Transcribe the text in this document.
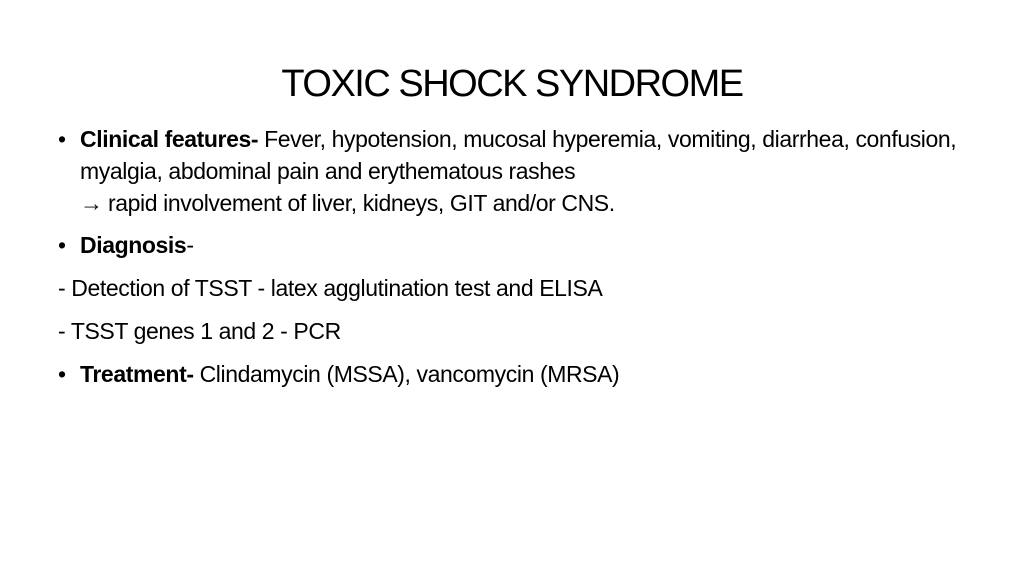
TOXIC SHOCK SYNDROME
• Clinical features- Fever, hypotension, mucosal hyperemia, vomiting, diarrhea, confusion, myalgia, abdominal pain and erythematous rashes
→ rapid involvement of liver, kidneys, GIT and/or CNS.
• Diagnosis-
- Detection of TSST - latex agglutination test and ELISA
- TSST genes 1 and 2 - PCR
• Treatment- Clindamycin (MSSA), vancomycin (MRSA)
